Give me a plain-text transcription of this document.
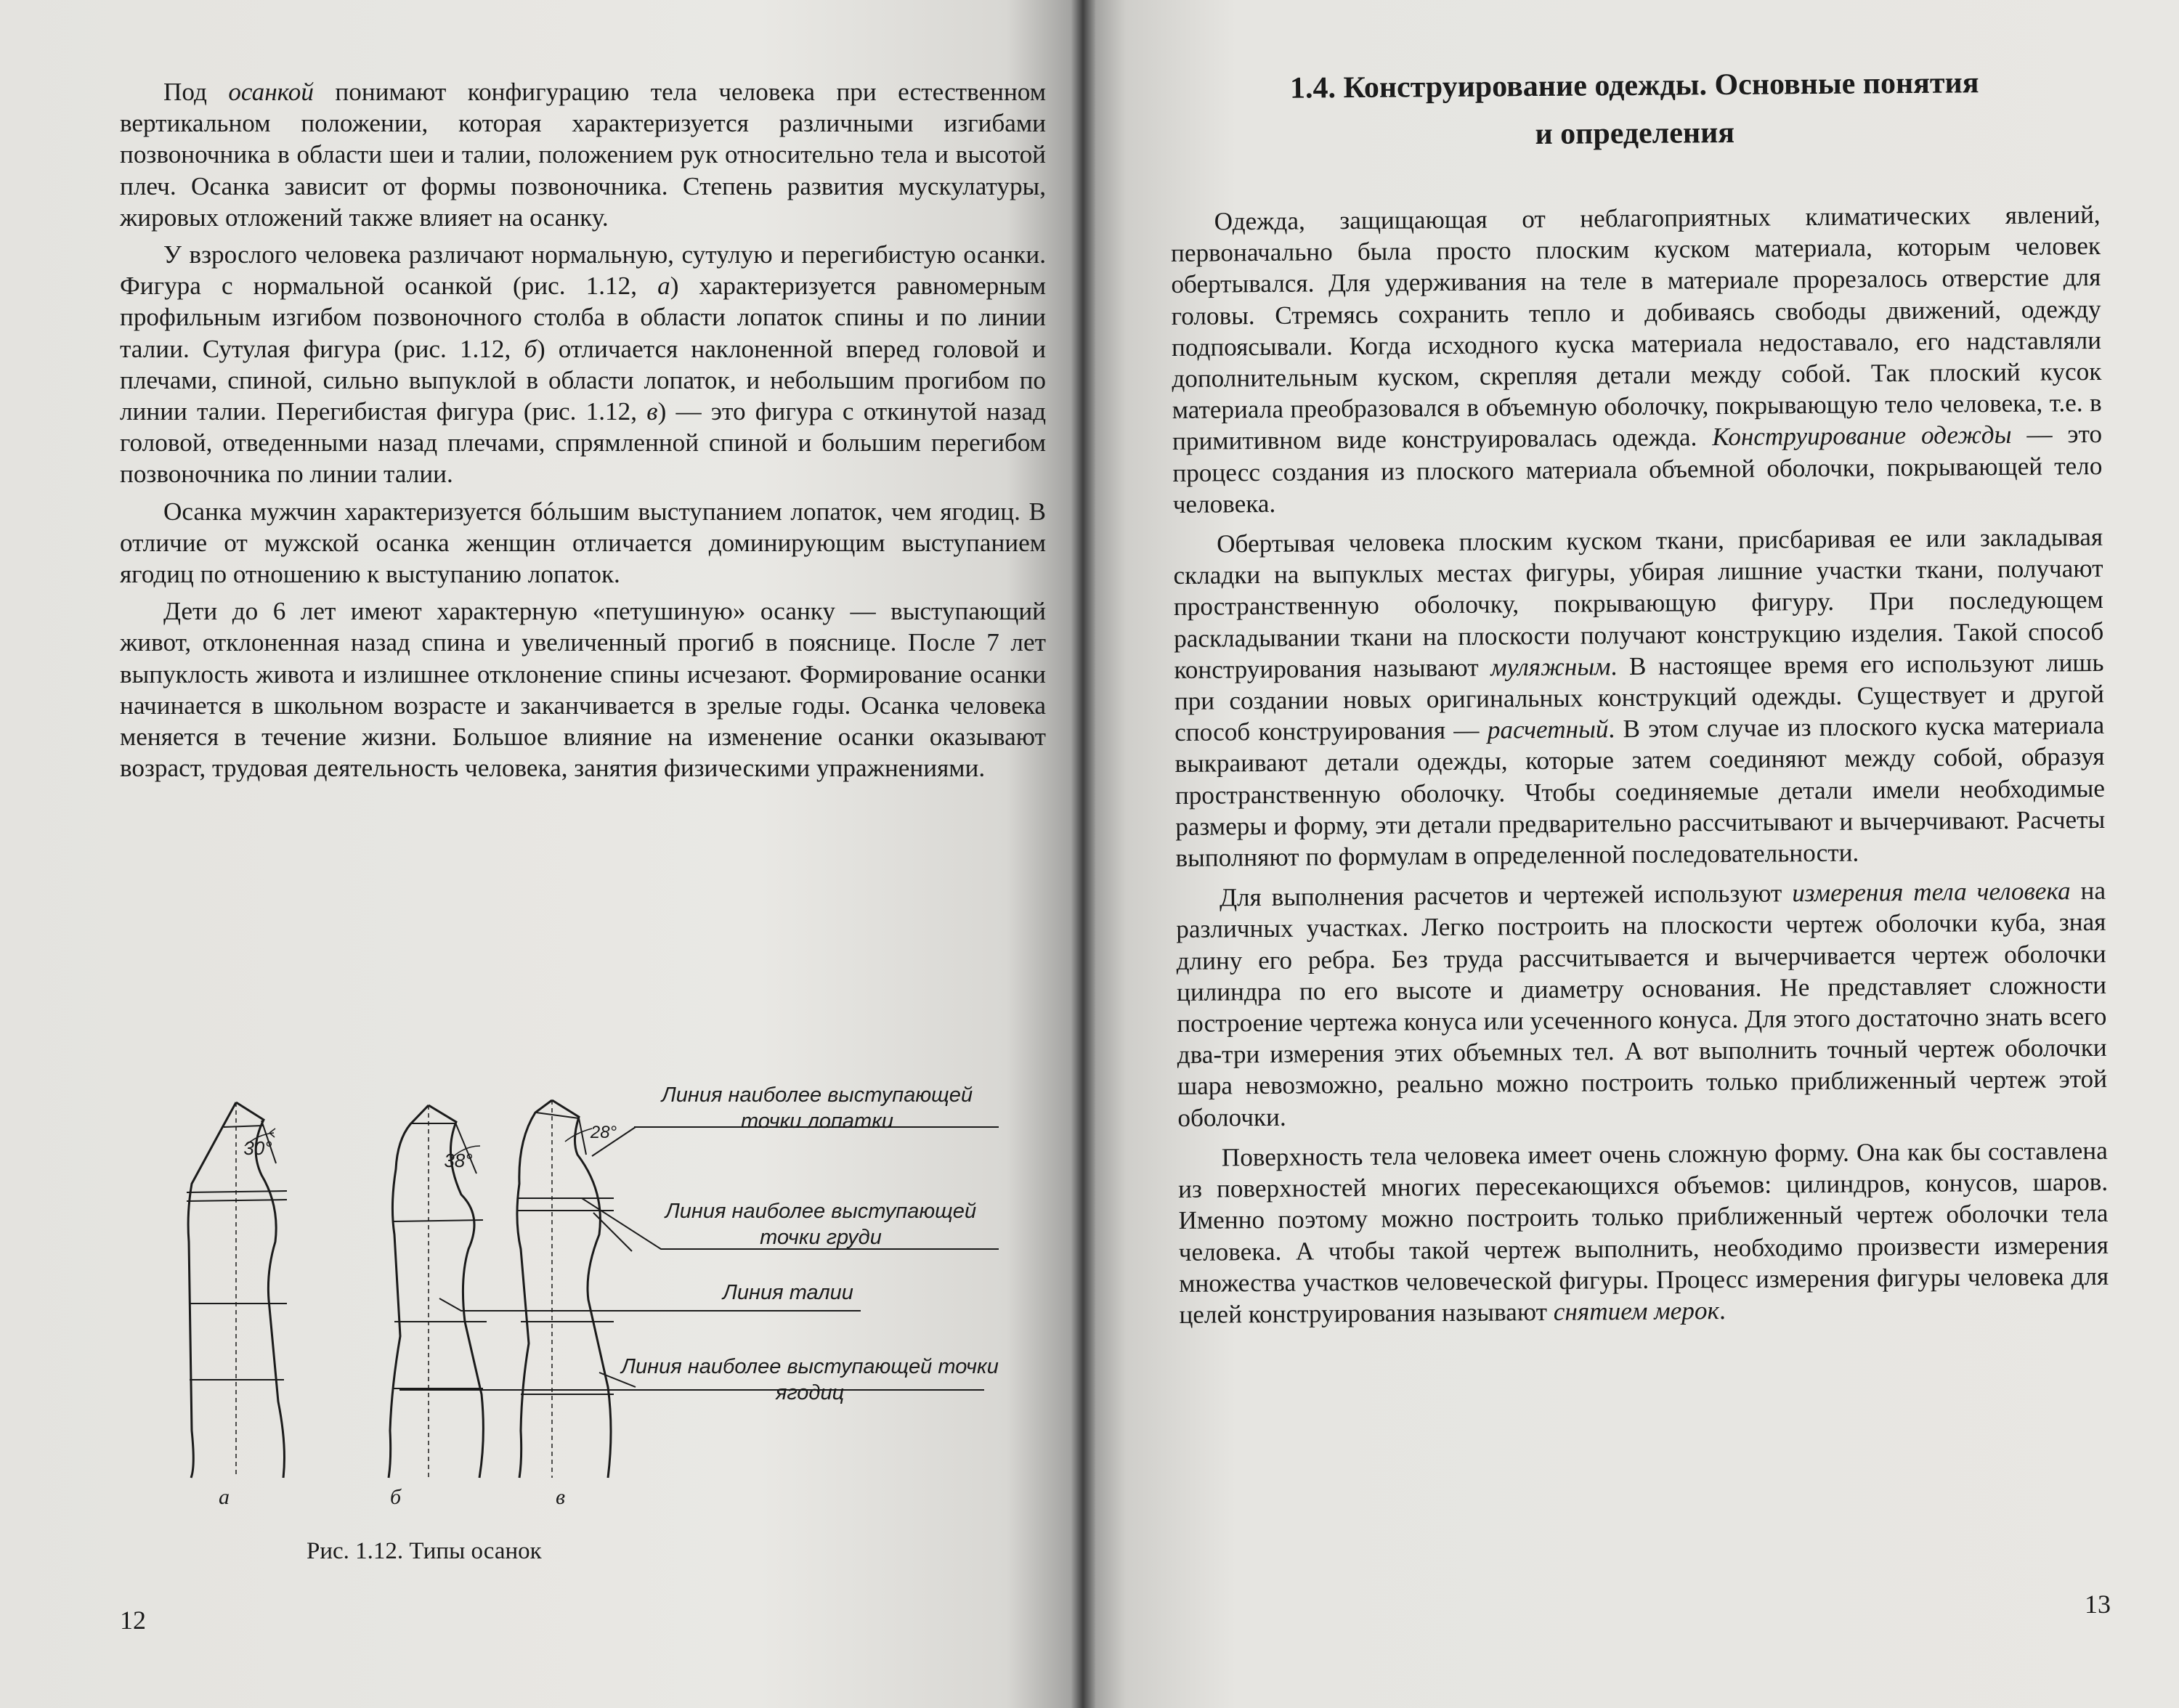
Под осанкой понимают конфигурацию тела человека при естественном вертикальном положении, которая характеризуется различными изгибами позвоночника в области шеи и талии, положением рук относительно тела и высотой плеч. Осанка зависит от формы позвоночника. Степень развития мускулатуры, жировых отложений также влияет на осанку.

У взрослого человека различают нормальную, сутулую и перегибистую осанки. Фигура с нормальной осанкой (рис. 1.12, а) характеризуется равномерным профильным изгибом позвоночного столба в области лопаток спины и по линии талии. Сутулая фигура (рис. 1.12, б) отличается наклоненной вперед головой и плечами, спиной, сильно выпуклой в области лопаток, и небольшим прогибом по линии талии. Перегибистая фигура (рис. 1.12, в) — это фигура с откинутой назад головой, отведенными назад плечами, спрямленной спиной и большим перегибом позвоночника по линии талии.

Осанка мужчин характеризуется бóльшим выступанием лопаток, чем ягодиц. В отличие от мужской осанка женщин отличается доминирующим выступанием ягодиц по отношению к выступанию лопаток.

Дети до 6 лет имеют характерную «петушиную» осанку — выступающий живот, отклоненная назад спина и увеличенный прогиб в пояснице. После 7 лет выпуклость живота и излишнее отклонение спины исчезают. Формирование осанки начинается в школьном возрасте и заканчивается в зрелые годы. Осанка человека меняется в течение жизни. Большое влияние на изменение осанки оказывают возраст, трудовая деятельность человека, занятия физическими упражнениями.

30°
38°
28°
Линия наиболее выступающей точки лопатки
Линия наиболее выступающей точки груди
Линия талии
Линия наиболее выступающей точки ягодиц
а	б	в
Рис. 1.12. Типы осанок
12
1.4. Конструирование одежды. Основные понятия
и определения

Одежда, защищающая от неблагоприятных климатических явлений, первоначально была просто плоским куском материала, которым человек обертывался. Для удерживания на теле в материале прорезалось отверстие для головы. Стремясь сохранить тепло и добиваясь свободы движений, одежду подпоясывали. Когда исходного куска материала недоставало, его надставляли дополнительным куском, скрепляя детали между собой. Так плоский кусок материала преобразовался в объемную оболочку, покрывающую тело человека, т.е. в примитивном виде конструировалась одежда. Конструирование одежды — это процесс создания из плоского материала объемной оболочки, покрывающей тело человека.

Обертывая человека плоским куском ткани, присбаривая ее или закладывая складки на выпуклых местах фигуры, убирая лишние участки ткани, получают пространственную оболочку, покрывающую фигуру. При последующем раскладывании ткани на плоскости получают конструкцию изделия. Такой способ конструирования называют муляжным. В настоящее время его используют лишь при создании новых оригинальных конструкций одежды. Существует и другой способ конструирования — расчетный. В этом случае из плоского куска материала выкраивают детали одежды, которые затем соединяют между собой, образуя пространственную оболочку. Чтобы соединяемые детали имели необходимые размеры и форму, эти детали предварительно рассчитывают и вычерчивают. Расчеты выполняют по формулам в определенной последовательности.

Для выполнения расчетов и чертежей используют измерения тела человека на различных участках. Легко построить на плоскости чертеж оболочки куба, зная длину его ребра. Без труда рассчитывается и вычерчивается чертеж оболочки цилиндра по его высоте и диаметру основания. Не представляет сложности построение чертежа конуса или усеченного конуса. Для этого достаточно знать всего два-три измерения этих объемных тел. А вот выполнить точный чертеж оболочки шара невозможно, реально можно построить только приближенный чертеж этой оболочки.

Поверхность тела человека имеет очень сложную форму. Она как бы составлена из поверхностей многих пересекающихся объемов: цилиндров, конусов, шаров. Именно поэтому можно построить только приближенный чертеж оболочки тела человека. А чтобы такой чертеж выполнить, необходимо произвести измерения множества участков человеческой фигуры. Процесс измерения фигуры человека для целей конструирования называют снятием мерок.

13
